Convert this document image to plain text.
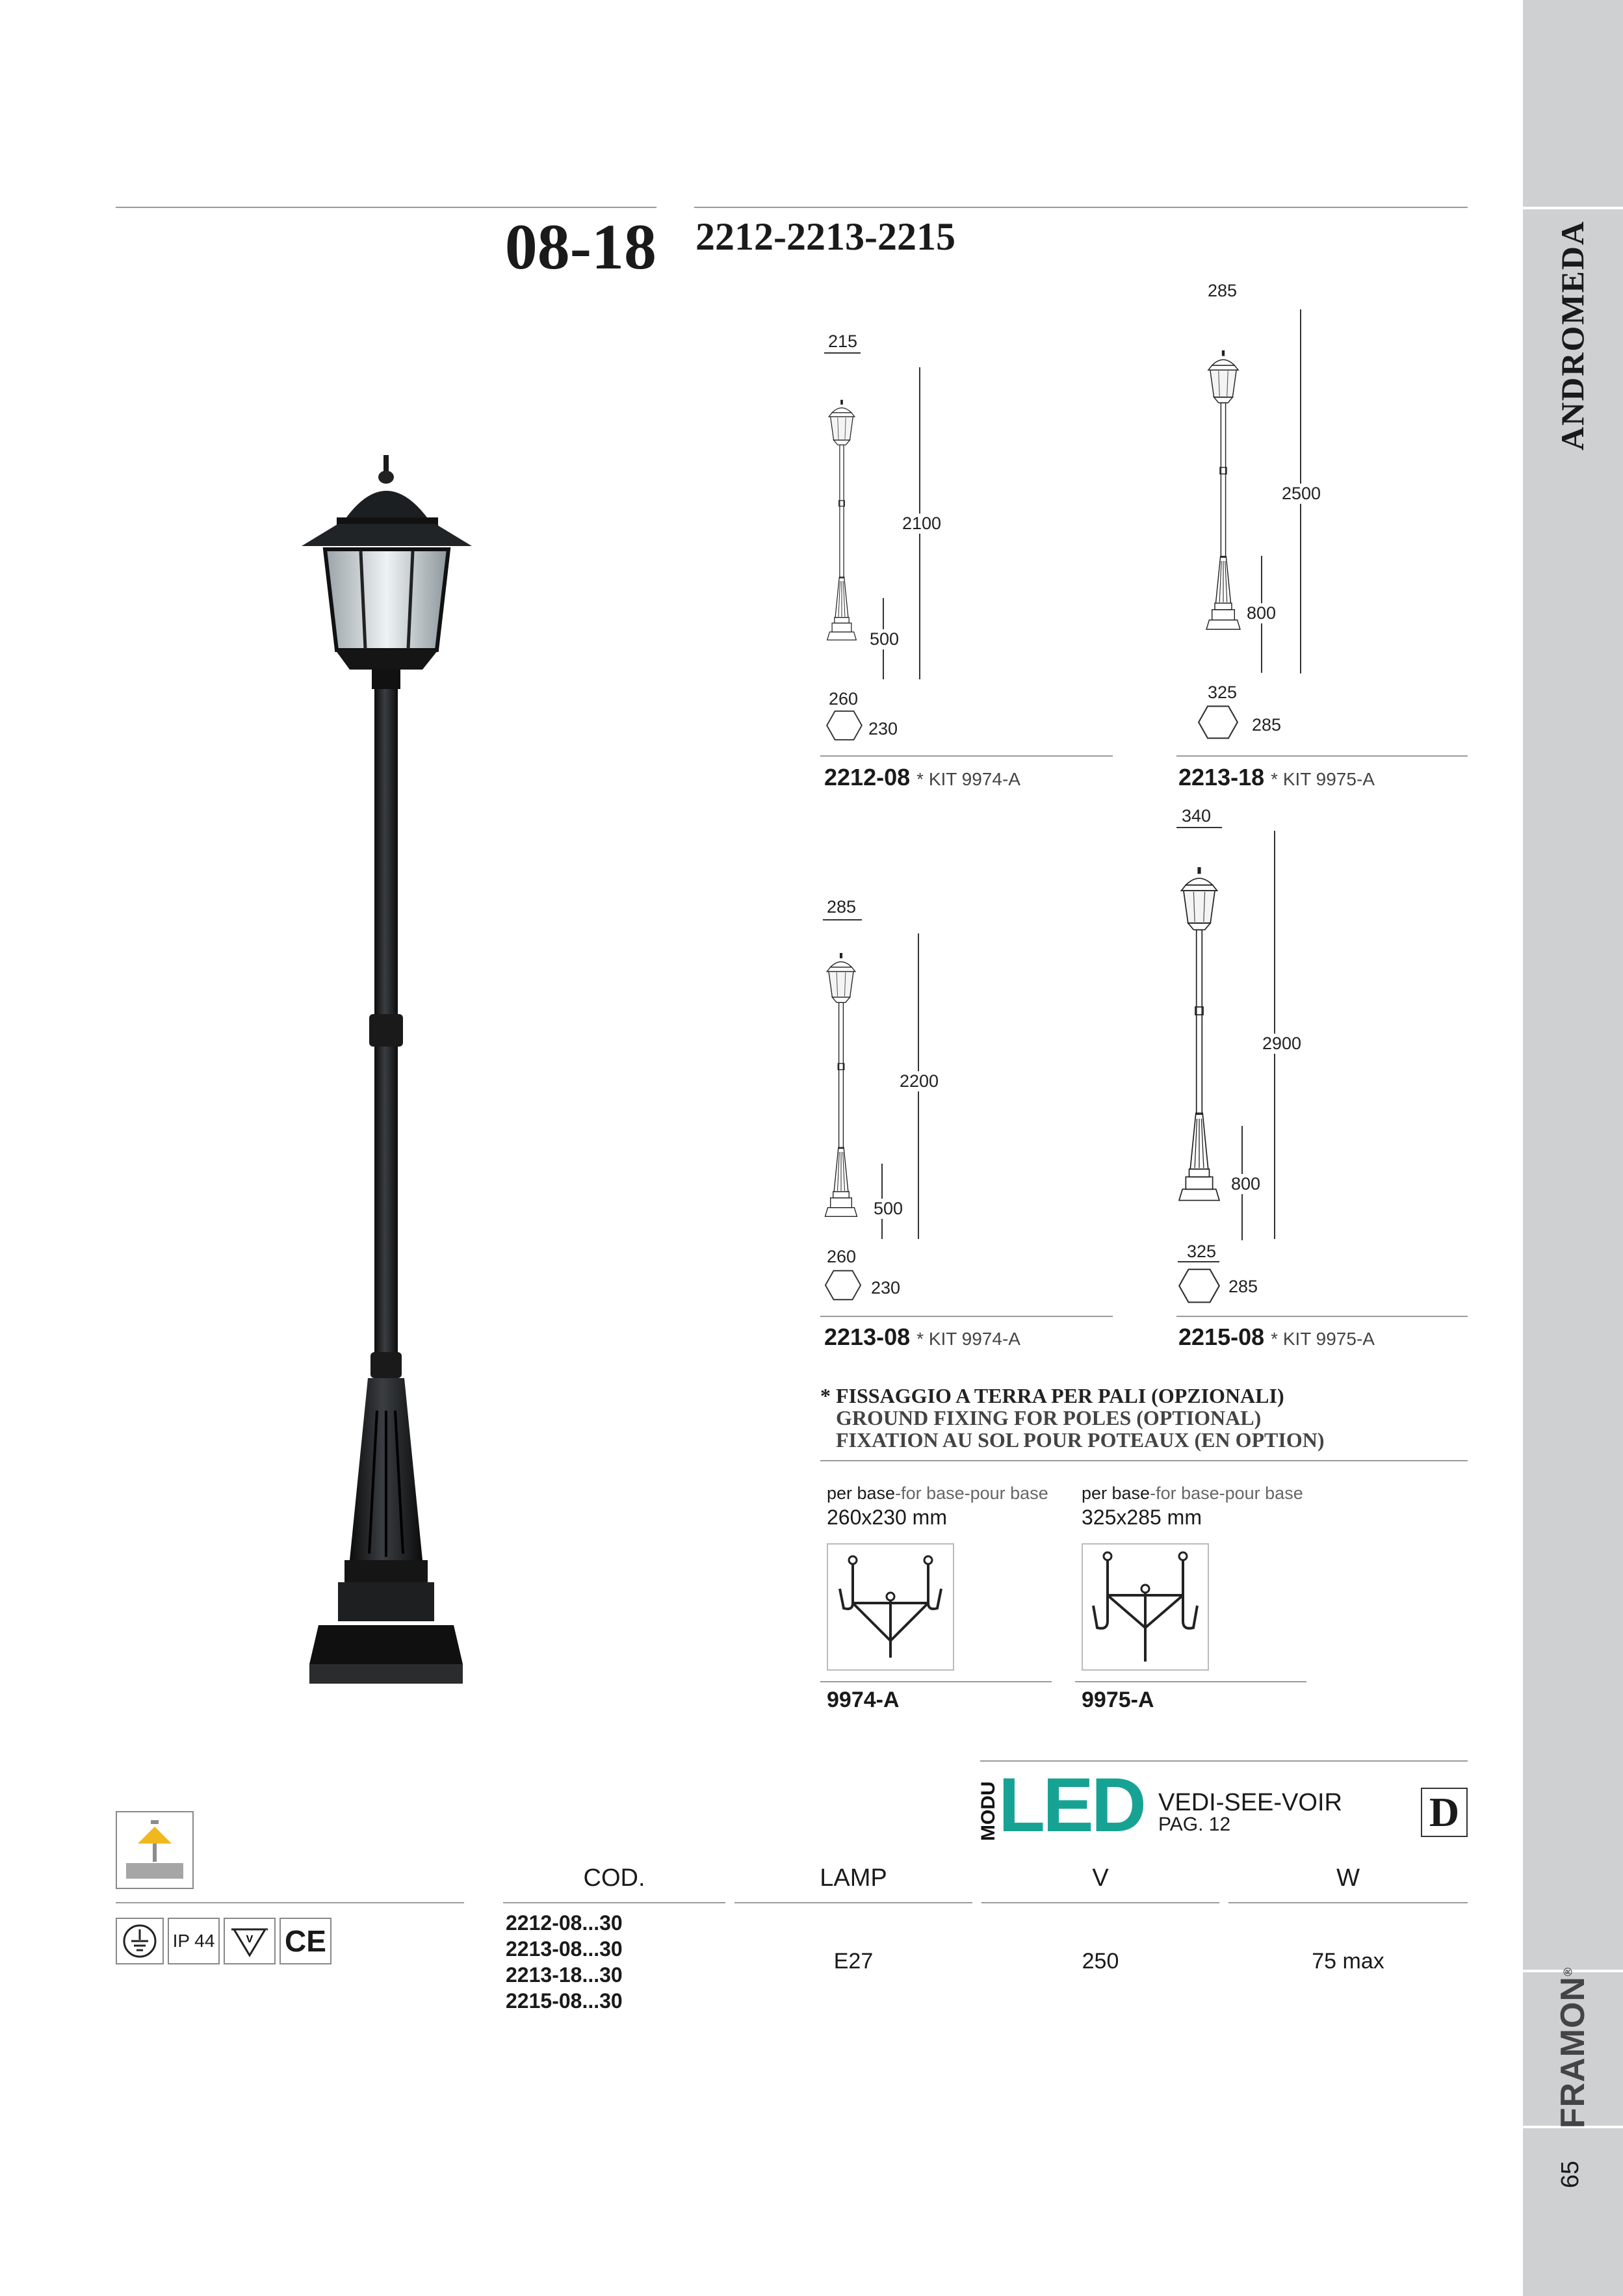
ANDROMEDA
FRAMON®
65
08-18 2212-2213-2215
215
2100
500
260
230
2212-08 * KIT 9974-A
285
2500
800
325
285
2213-18 * KIT 9975-A
285
2200
500
260
230
2213-08 * KIT 9974-A
340
2900
800
325
285
2215-08 * KIT 9975-A
* FISSAGGIO A TERRA PER PALI (OPZIONALI)
GROUND FIXING FOR POLES (OPTIONAL)
FIXATION AU SOL POUR POTEAUX (EN OPTION)
per base-for base-pour base
260x230 mm
9974-A
per base-for base-pour base
325x285 mm
9975-A
MODU LED VEDI-SEE-VOIR
PAG. 12	D
COD.	LAMP	V	W
2212-08...30
2213-08...30
2213-18...30
2215-08...30
E27	250	75 max
IP 44	V CE
